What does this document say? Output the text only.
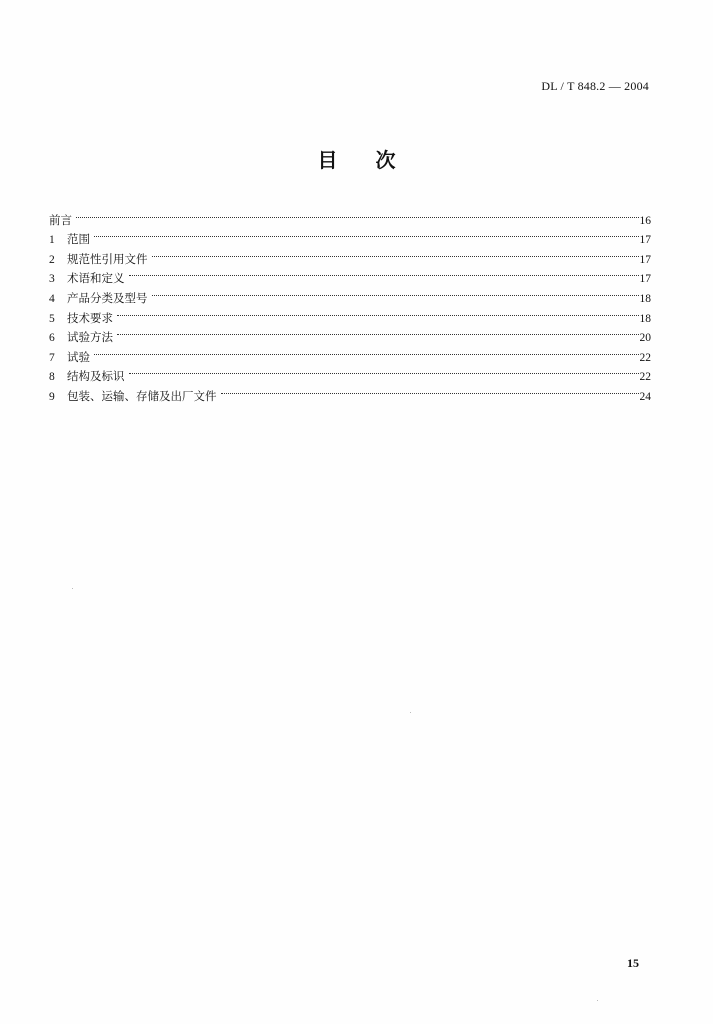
DL / T 848.2 — 2004
目次
前言	16
1	范围	17
2	规范性引用文件	17
3	术语和定义	17
4	产品分类及型号	18
5	技术要求	18
6	试验方法	20
7	试验	22
8	结构及标识	22
9	包装、运输、存储及出厂文件	24
15
